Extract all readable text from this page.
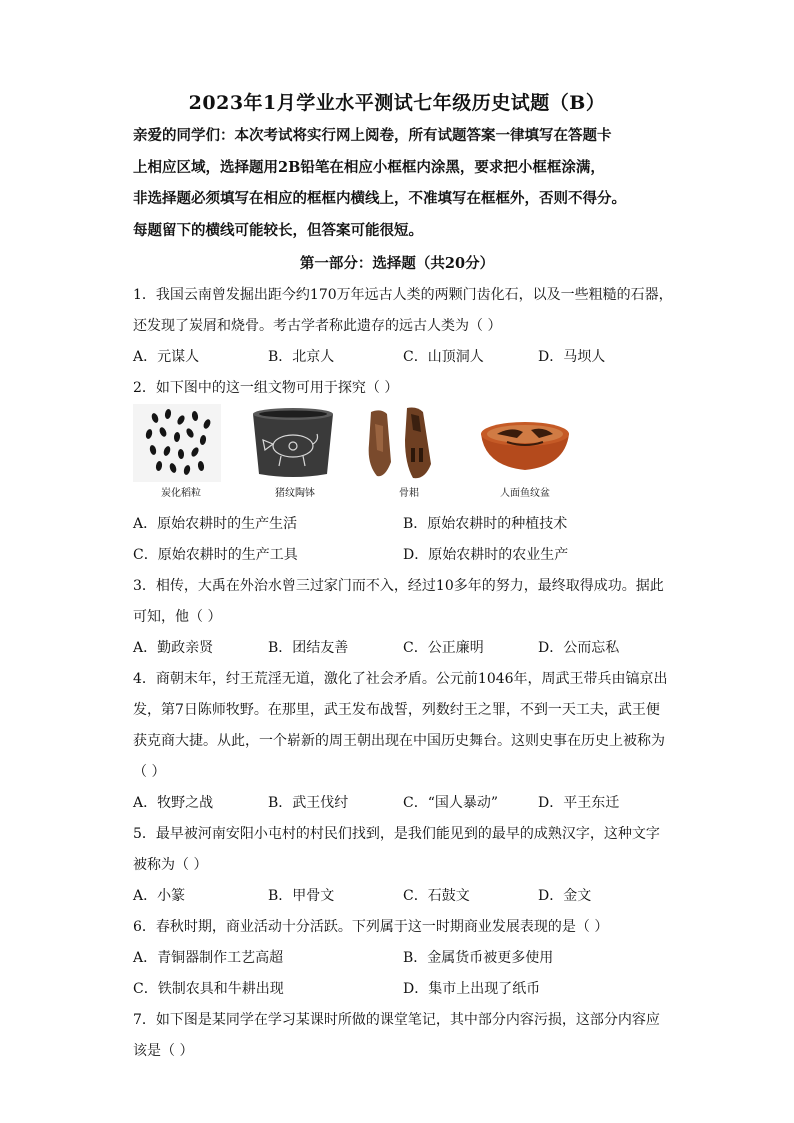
2023年1月学业水平测试七年级历史试题（B）
亲爱的同学们：本次考试将实行网上阅卷，所有试题答案一律填写在答题卡
上相应区域，选择题用2B铅笔在相应小框框内涂黑，要求把小框框涂满，
非选择题必须填写在相应的框框内横线上，不准填写在框框外，否则不得分。
每题留下的横线可能较长，但答案可能很短。
第一部分：选择题（共20分）
1．我国云南曾发掘出距今约170万年远古人类的两颗门齿化石，以及一些粗糙的石器，
还发现了炭屑和烧骨。考古学者称此遗存的远古人类为（ ）
A．元谋人	B．北京人	C．山顶洞人	D．马坝人
2．如下图中的这一组文物可用于探究（ ）
炭化稻粒	猪纹陶钵	骨耜	人面鱼纹盆
A．原始农耕时的生产生活	B．原始农耕时的种植技术
C．原始农耕时的生产工具	D．原始农耕时的农业生产
3．相传，大禹在外治水曾三过家门而不入，经过10多年的努力，最终取得成功。据此
可知，他（ ）
A．勤政亲贤	B．团结友善	C．公正廉明	D．公而忘私
4．商朝末年，纣王荒淫无道，激化了社会矛盾。公元前1046年，周武王带兵由镐京出
发，第7日陈师牧野。在那里，武王发布战誓，列数纣王之罪，不到一天工夫，武王便
获克商大捷。从此，一个崭新的周王朝出现在中国历史舞台。这则史事在历史上被称为
（ ）
A．牧野之战	B．武王伐纣	C．“国人暴动”	D．平王东迁
5．最早被河南安阳小屯村的村民们找到，是我们能见到的最早的成熟汉字，这种文字
被称为（ ）
A．小篆	B．甲骨文	C．石鼓文	D．金文
6．春秋时期，商业活动十分活跃。下列属于这一时期商业发展表现的是（ ）
A．青铜器制作工艺高超	B．金属货币被更多使用
C．铁制农具和牛耕出现	D．集市上出现了纸币
7．如下图是某同学在学习某课时所做的课堂笔记，其中部分内容污损，这部分内容应
该是（ ）
